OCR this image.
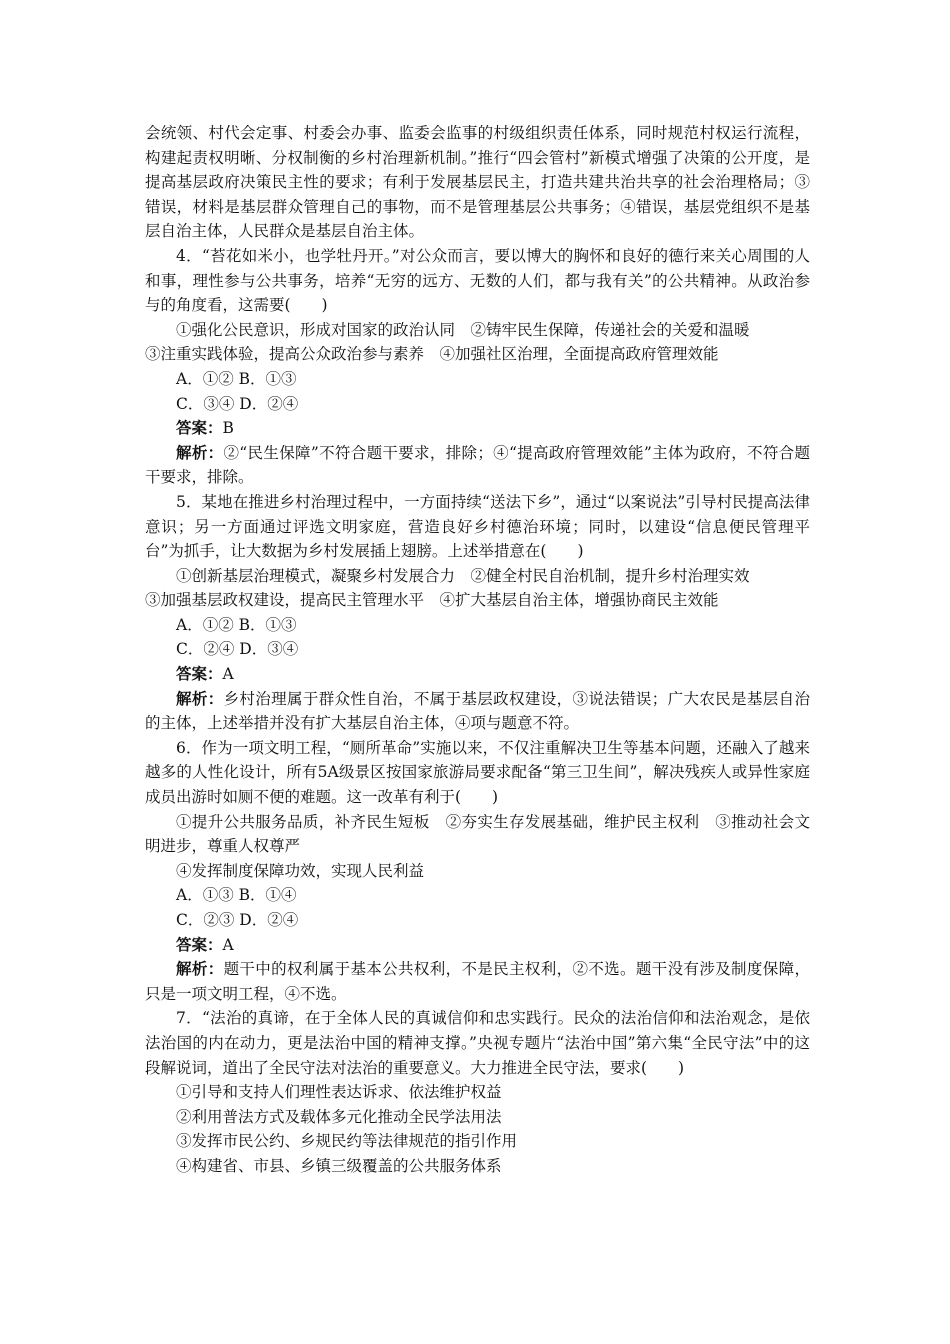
会统领、村代会定事、村委会办事、监委会监事的村级组织责任体系，同时规范村权运行流程，构建起责权明晰、分权制衡的乡村治理新机制。”推行“四会管村”新模式增强了决策的公开度，是提高基层政府决策民主性的要求；有利于发展基层民主，打造共建共治共享的社会治理格局；③错误，材料是基层群众管理自己的事物，而不是管理基层公共事务；④错误，基层党组织不是基层自治主体，人民群众是基层自治主体。

4．“苔花如米小，也学牡丹开。”对公众而言，要以博大的胸怀和良好的德行来关心周围的人和事，理性参与公共事务，培养“无穷的远方、无数的人们，都与我有关”的公共精神。从政治参与的角度看，这需要(　　)

①强化公民意识，形成对国家的政治认同　②铸牢民生保障，传递社会的关爱和温暖

③注重实践体验，提高公众政治参与素养　④加强社区治理，全面提高政府管理效能

A．①② B．①③

C．③④ D．②④

答案：B

解析：②“民生保障”不符合题干要求，排除；④“提高政府管理效能”主体为政府，不符合题干要求，排除。

5．某地在推进乡村治理过程中，一方面持续“送法下乡”，通过“以案说法”引导村民提高法律意识；另一方面通过评选文明家庭，营造良好乡村德治环境；同时，以建设“信息便民管理平台”为抓手，让大数据为乡村发展插上翅膀。上述举措意在(　　)

①创新基层治理模式，凝聚乡村发展合力　②健全村民自治机制，提升乡村治理实效

③加强基层政权建设，提高民主管理水平　④扩大基层自治主体，增强协商民主效能

A．①② B．①③

C．②④ D．③④

答案：A

解析：乡村治理属于群众性自治，不属于基层政权建设，③说法错误；广大农民是基层自治的主体，上述举措并没有扩大基层自治主体，④项与题意不符。

6．作为一项文明工程，“厕所革命”实施以来，不仅注重解决卫生等基本问题，还融入了越来越多的人性化设计，所有5A级景区按国家旅游局要求配备“第三卫生间”，解决残疾人或异性家庭成员出游时如厕不便的难题。这一改革有利于(　　)

①提升公共服务品质，补齐民生短板　②夯实生存发展基础，维护民主权利　③推动社会文明进步，尊重人权尊严

④发挥制度保障功效，实现人民利益

A．①③ B．①④

C．②③ D．②④

答案：A

解析：题干中的权利属于基本公共权利，不是民主权利，②不选。题干没有涉及制度保障，只是一项文明工程，④不选。

7．“法治的真谛，在于全体人民的真诚信仰和忠实践行。民众的法治信仰和法治观念，是依法治国的内在动力，更是法治中国的精神支撑。”央视专题片“法治中国”第六集“全民守法”中的这段解说词，道出了全民守法对法治的重要意义。大力推进全民守法，要求(　　)

①引导和支持人们理性表达诉求、依法维护权益

②利用普法方式及载体多元化推动全民学法用法

③发挥市民公约、乡规民约等法律规范的指引作用

④构建省、市县、乡镇三级覆盖的公共服务体系
